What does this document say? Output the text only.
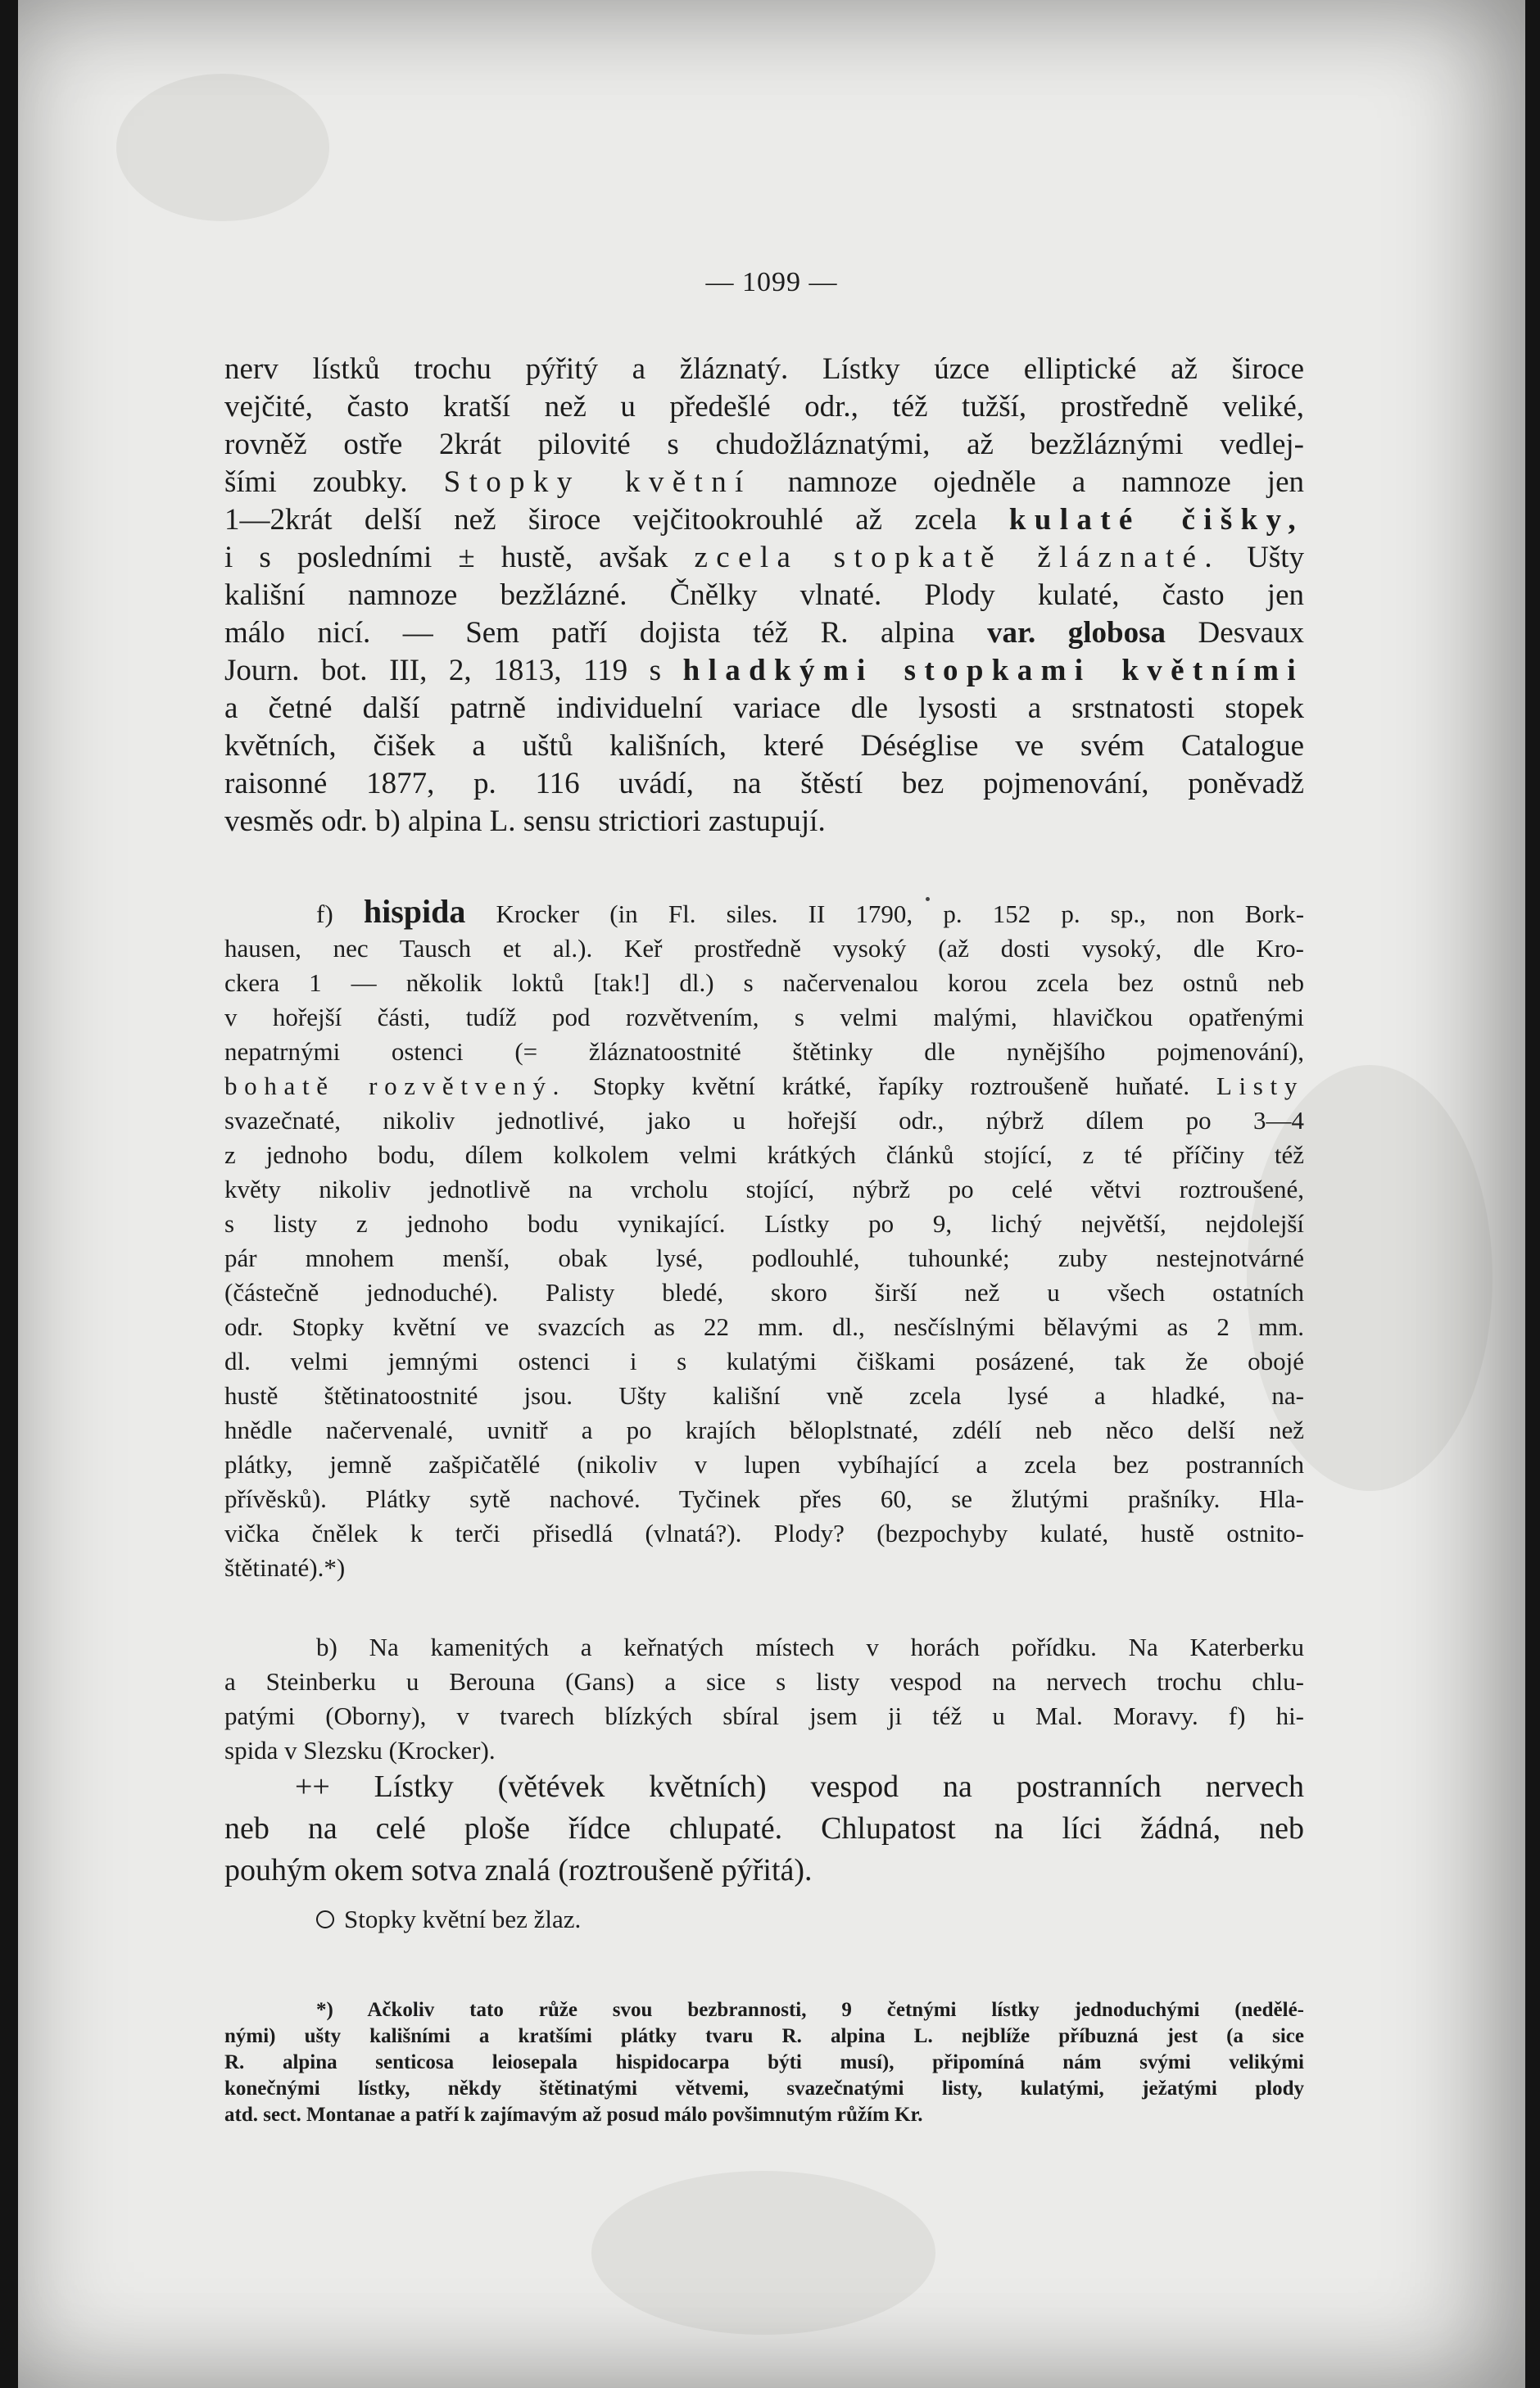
— 1099 —

nerv lístků trochu pýřitý a žláznatý. Lístky úzce elliptické až široce

vejčité, často kratší než u předešlé odr., též tužší, prostředně veliké,

rovněž ostře 2krát pilovité s chudožláznatými, až bezžláznými vedlej-

šími zoubky. Stopky květní namnoze ojedněle a namnoze jen

1—2krát delší než široce vejčitookrouhlé až zcela kulaté čišky,

i s posledními ± hustě, avšak zcela stopkatě žláznaté. Ušty

kališní namnoze bezžlázné. Čnělky vlnaté. Plody kulaté, často jen

málo nicí. — Sem patří dojista též R. alpina var. globosa Desvaux

Journ. bot. III, 2, 1813, 119 s hladkými stopkami květními

a četné další patrně individuelní variace dle lysosti a srstnatosti stopek

květních, čišek a uštů kališních, které Déséglise ve svém Catalogue

raisonné 1877, p. 116 uvádí, na štěstí bez pojmenování, poněvadž

vesměs odr. b) alpina L. sensu strictiori zastupují.

f) hispida Krocker (in Fl. siles. II 1790, p. 152 p. sp., non Bork-

hausen, nec Tausch et al.). Keř prostředně vysoký (až dosti vysoký, dle Kro-

ckera 1 — několik loktů [tak!] dl.) s načervenalou korou zcela bez ostnů neb

v hořejší části, tudíž pod rozvětvením, s velmi malými, hlavičkou opatřenými

nepatrnými ostenci (= žláznatoostnité štětinky dle nynějšího pojmenování),

bohatě rozvětvený. Stopky květní krátké, řapíky roztroušeně huňaté. Listy

svazečnaté, nikoliv jednotlivé, jako u hořejší odr., nýbrž dílem po 3—4

z jednoho bodu, dílem kolkolem velmi krátkých článků stojící, z té příčiny též

květy nikoliv jednotlivě na vrcholu stojící, nýbrž po celé větvi roztroušené,

s listy z jednoho bodu vynikající. Lístky po 9, lichý největší, nejdolejší

pár mnohem menší, obak lysé, podlouhlé, tuhounké; zuby nestejnotvárné

(částečně jednoduché). Palisty bledé, skoro širší než u všech ostatních

odr. Stopky květní ve svazcích as 22 mm. dl., nesčíslnými bělavými as 2 mm.

dl. velmi jemnými ostenci i s kulatými čiškami posázené, tak že obojé

hustě štětinatoostnité jsou. Ušty kališní vně zcela lysé a hladké, na-

hnědle načervenalé, uvnitř a po krajích běloplstnaté, zdélí neb něco delší než

plátky, jemně zašpičatělé (nikoliv v lupen vybíhající a zcela bez postranních

přívěsků). Plátky sytě nachové. Tyčinek přes 60, se žlutými prašníky. Hla-

vička čnělek k terči přisedlá (vlnatá?). Plody? (bezpochyby kulaté, hustě ostnito-

štětinaté).*)

b) Na kamenitých a keřnatých místech v horách pořídku. Na Katerberku

a Steinberku u Berouna (Gans) a sice s listy vespod na nervech trochu chlu-

patými (Oborny), v tvarech blízkých sbíral jsem ji též u Mal. Moravy. f) hi-

spida v Slezsku (Krocker).

++ Lístky (větévek květních) vespod na postranních nervech

neb na celé ploše řídce chlupaté. Chlupatost na líci žádná, neb

pouhým okem sotva znalá (roztroušeně pýřitá).

Stopky květní bez žlaz.

*) Ačkoliv tato růže svou bezbrannosti, 9 četnými lístky jednoduchými (nedělé-

nými) ušty kališními a kratšími plátky tvaru R. alpina L. nejblíže příbuzná jest (a sice

R. alpina senticosa leiosepala hispidocarpa býti musí), připomíná nám svými velikými

konečnými lístky, někdy štětinatými větvemi, svazečnatými listy, kulatými, ježatými plody

atd. sect. Montanae a patří k zajímavým až posud málo povšimnutým růžím Kr.
